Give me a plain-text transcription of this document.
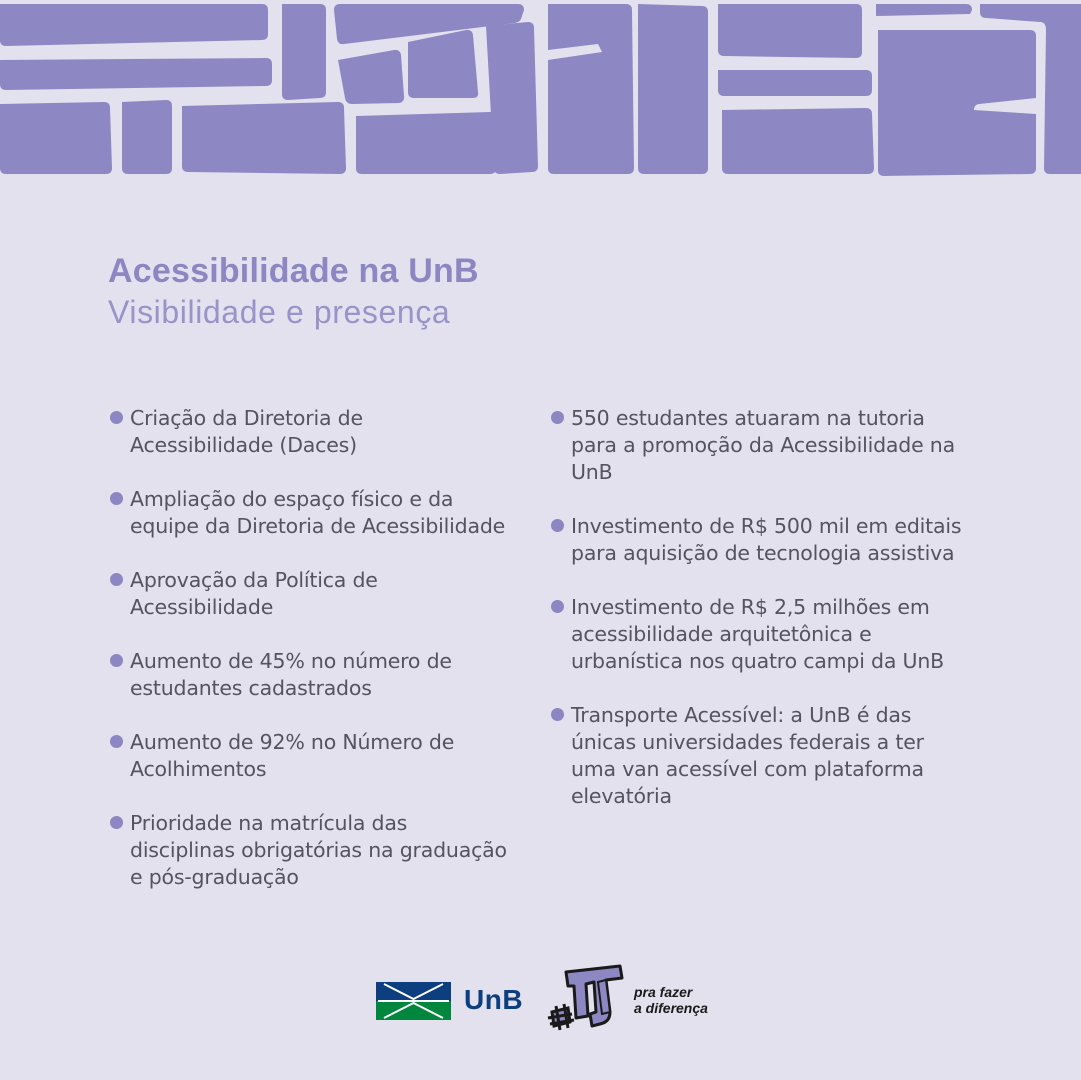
Acessibilidade na UnB
Visibilidade e presença
Criação da Diretoria de Acessibilidade (Daces)
Ampliação do espaço físico e da equipe da Diretoria de Acessibilidade
Aprovação da Política de Acessibilidade
Aumento de 45% no número de estudantes cadastrados
Aumento de 92% no Número de Acolhimentos
Prioridade na matrícula das disciplinas obrigatórias na graduação e pós-graduação
550 estudantes atuaram na tutoria para a promoção da Acessibilidade na UnB
Investimento de R$ 500 mil em editais para aquisição de tecnologia assistiva
Investimento de R$ 2,5 milhões em acessibilidade arquitetônica e urbanística nos quatro campi da UnB
Transporte Acessível: a UnB é das únicas universidades federais a ter uma van acessível com plataforma elevatória
UnB	pra fazer
a diferença
